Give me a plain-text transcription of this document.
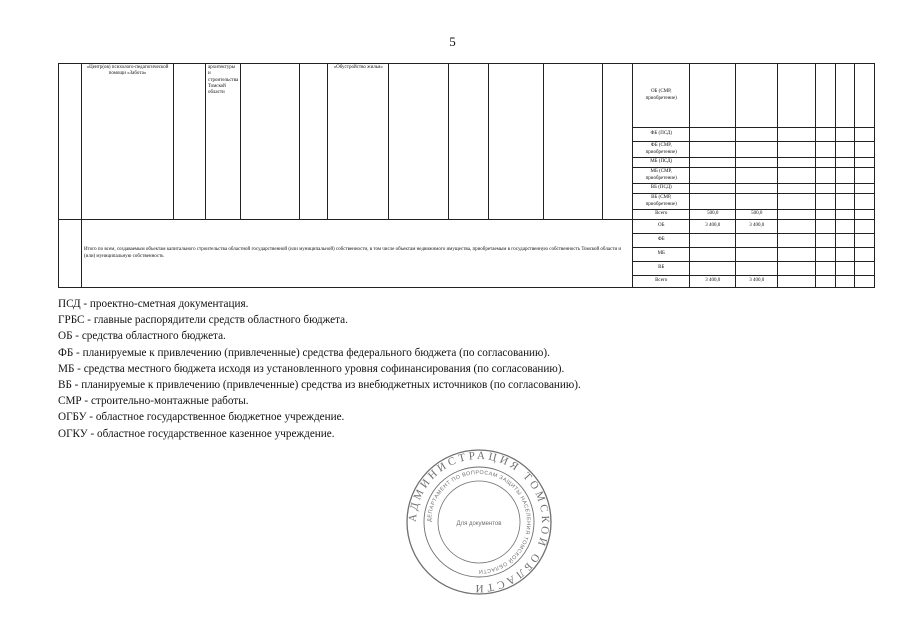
5
	«Центр(ов) психолого-педагогической помощи «Забота»		архитектуры и строительства Томской области			«Обустройство жилья»						ОБ (СМР, приобретение)						
												ФБ (ПСД)						
												ФБ (СМР, приобретение)						
												МБ (ПСД)						
												МБ (СМР, приобретение)						
												ВБ (ПСД)						
												ВБ (СМР, приобретение)						
												Всего	500,0	500,0				
	Итого по всем, создаваемым объектам капитального строительства областной государственной (или муниципальной) собственности, в том числе объектам недвижимого имущества, приобретаемым в государственную собственность Томской области и (или) муниципальную собственность											ОБ	3 400,0	3 400,0				
												ФБ						
												МБ						
												ВБ						
												Всего	3 400,0	3 400,0				
ПСД - проектно-сметная документация.
ГРБС - главные распорядители средств областного бюджета.
ОБ - средства областного бюджета.
ФБ - планируемые к привлечению (привлеченные) средства федерального бюджета (по согласованию).
МБ - средства местного бюджета исходя из установленного уровня софинансирования (по согласованию).
ВБ - планируемые к привлечению (привлеченные) средства из внебюджетных источников (по согласованию).
СМР - строительно-монтажные работы.
ОГБУ - областное государственное бюджетное учреждение.
ОГКУ - областное государственное казенное учреждение.
АДМИНИСТРАЦИЯ ТОМСКОЙ ОБЛАСТИ
ДЕПАРТАМЕНТ ПО ВОПРОСАМ ЗАЩИТЫ НАСЕЛЕНИЯ ТОМСКОЙ ОБЛАСТИ
Для документов
